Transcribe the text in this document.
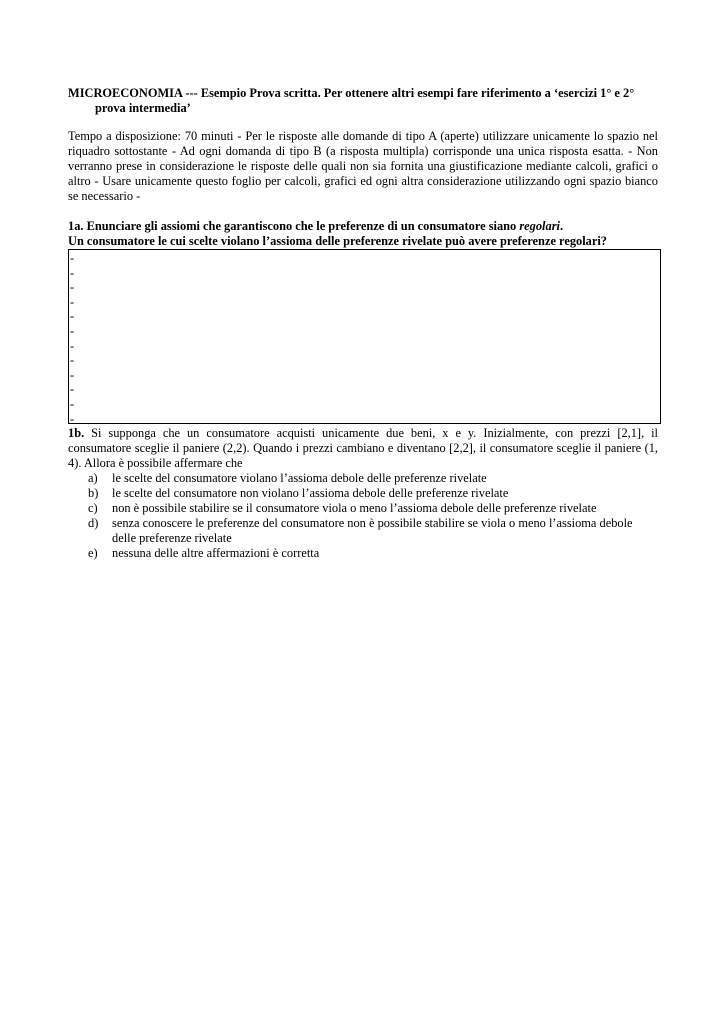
MICROECONOMIA --- Esempio Prova scritta. Per ottenere altri esempi fare riferimento a ‘esercizi 1° e 2°
prova intermedia’
Tempo a disposizione: 70 minuti - Per le risposte alle domande di tipo A (aperte) utilizzare unicamente lo spazio nel riquadro sottostante - Ad ogni domanda di tipo B (a risposta multipla) corrisponde una unica risposta esatta. - Non verranno prese in considerazione le risposte delle quali non sia fornita una giustificazione mediante calcoli, grafici o altro - Usare unicamente questo foglio per calcoli, grafici ed ogni altra considerazione utilizzando ogni spazio bianco se necessario -
1a. Enunciare gli assiomi che garantiscono che le preferenze di un consumatore siano regolari.
Un consumatore le cui scelte violano l’assioma delle preferenze rivelate può avere preferenze regolari?
-
-
-
-
-
-
-
-
-
-
-
-
1b. Si supponga che un consumatore acquisti unicamente due beni, x e y. Inizialmente, con prezzi [2,1], il consumatore sceglie il paniere (2,2). Quando i prezzi cambiano e diventano [2,2], il consumatore sceglie il paniere (1, 4). Allora è possibile affermare che
a) le scelte del consumatore violano l’assioma debole delle preferenze rivelate
b) le scelte del consumatore non violano l’assioma debole delle preferenze rivelate
c) non è possibile stabilire se il consumatore viola o meno l’assioma debole delle preferenze rivelate
d) senza conoscere le preferenze del consumatore non è possibile stabilire se viola o meno l’assioma debole delle preferenze rivelate
e) nessuna delle altre affermazioni è corretta
